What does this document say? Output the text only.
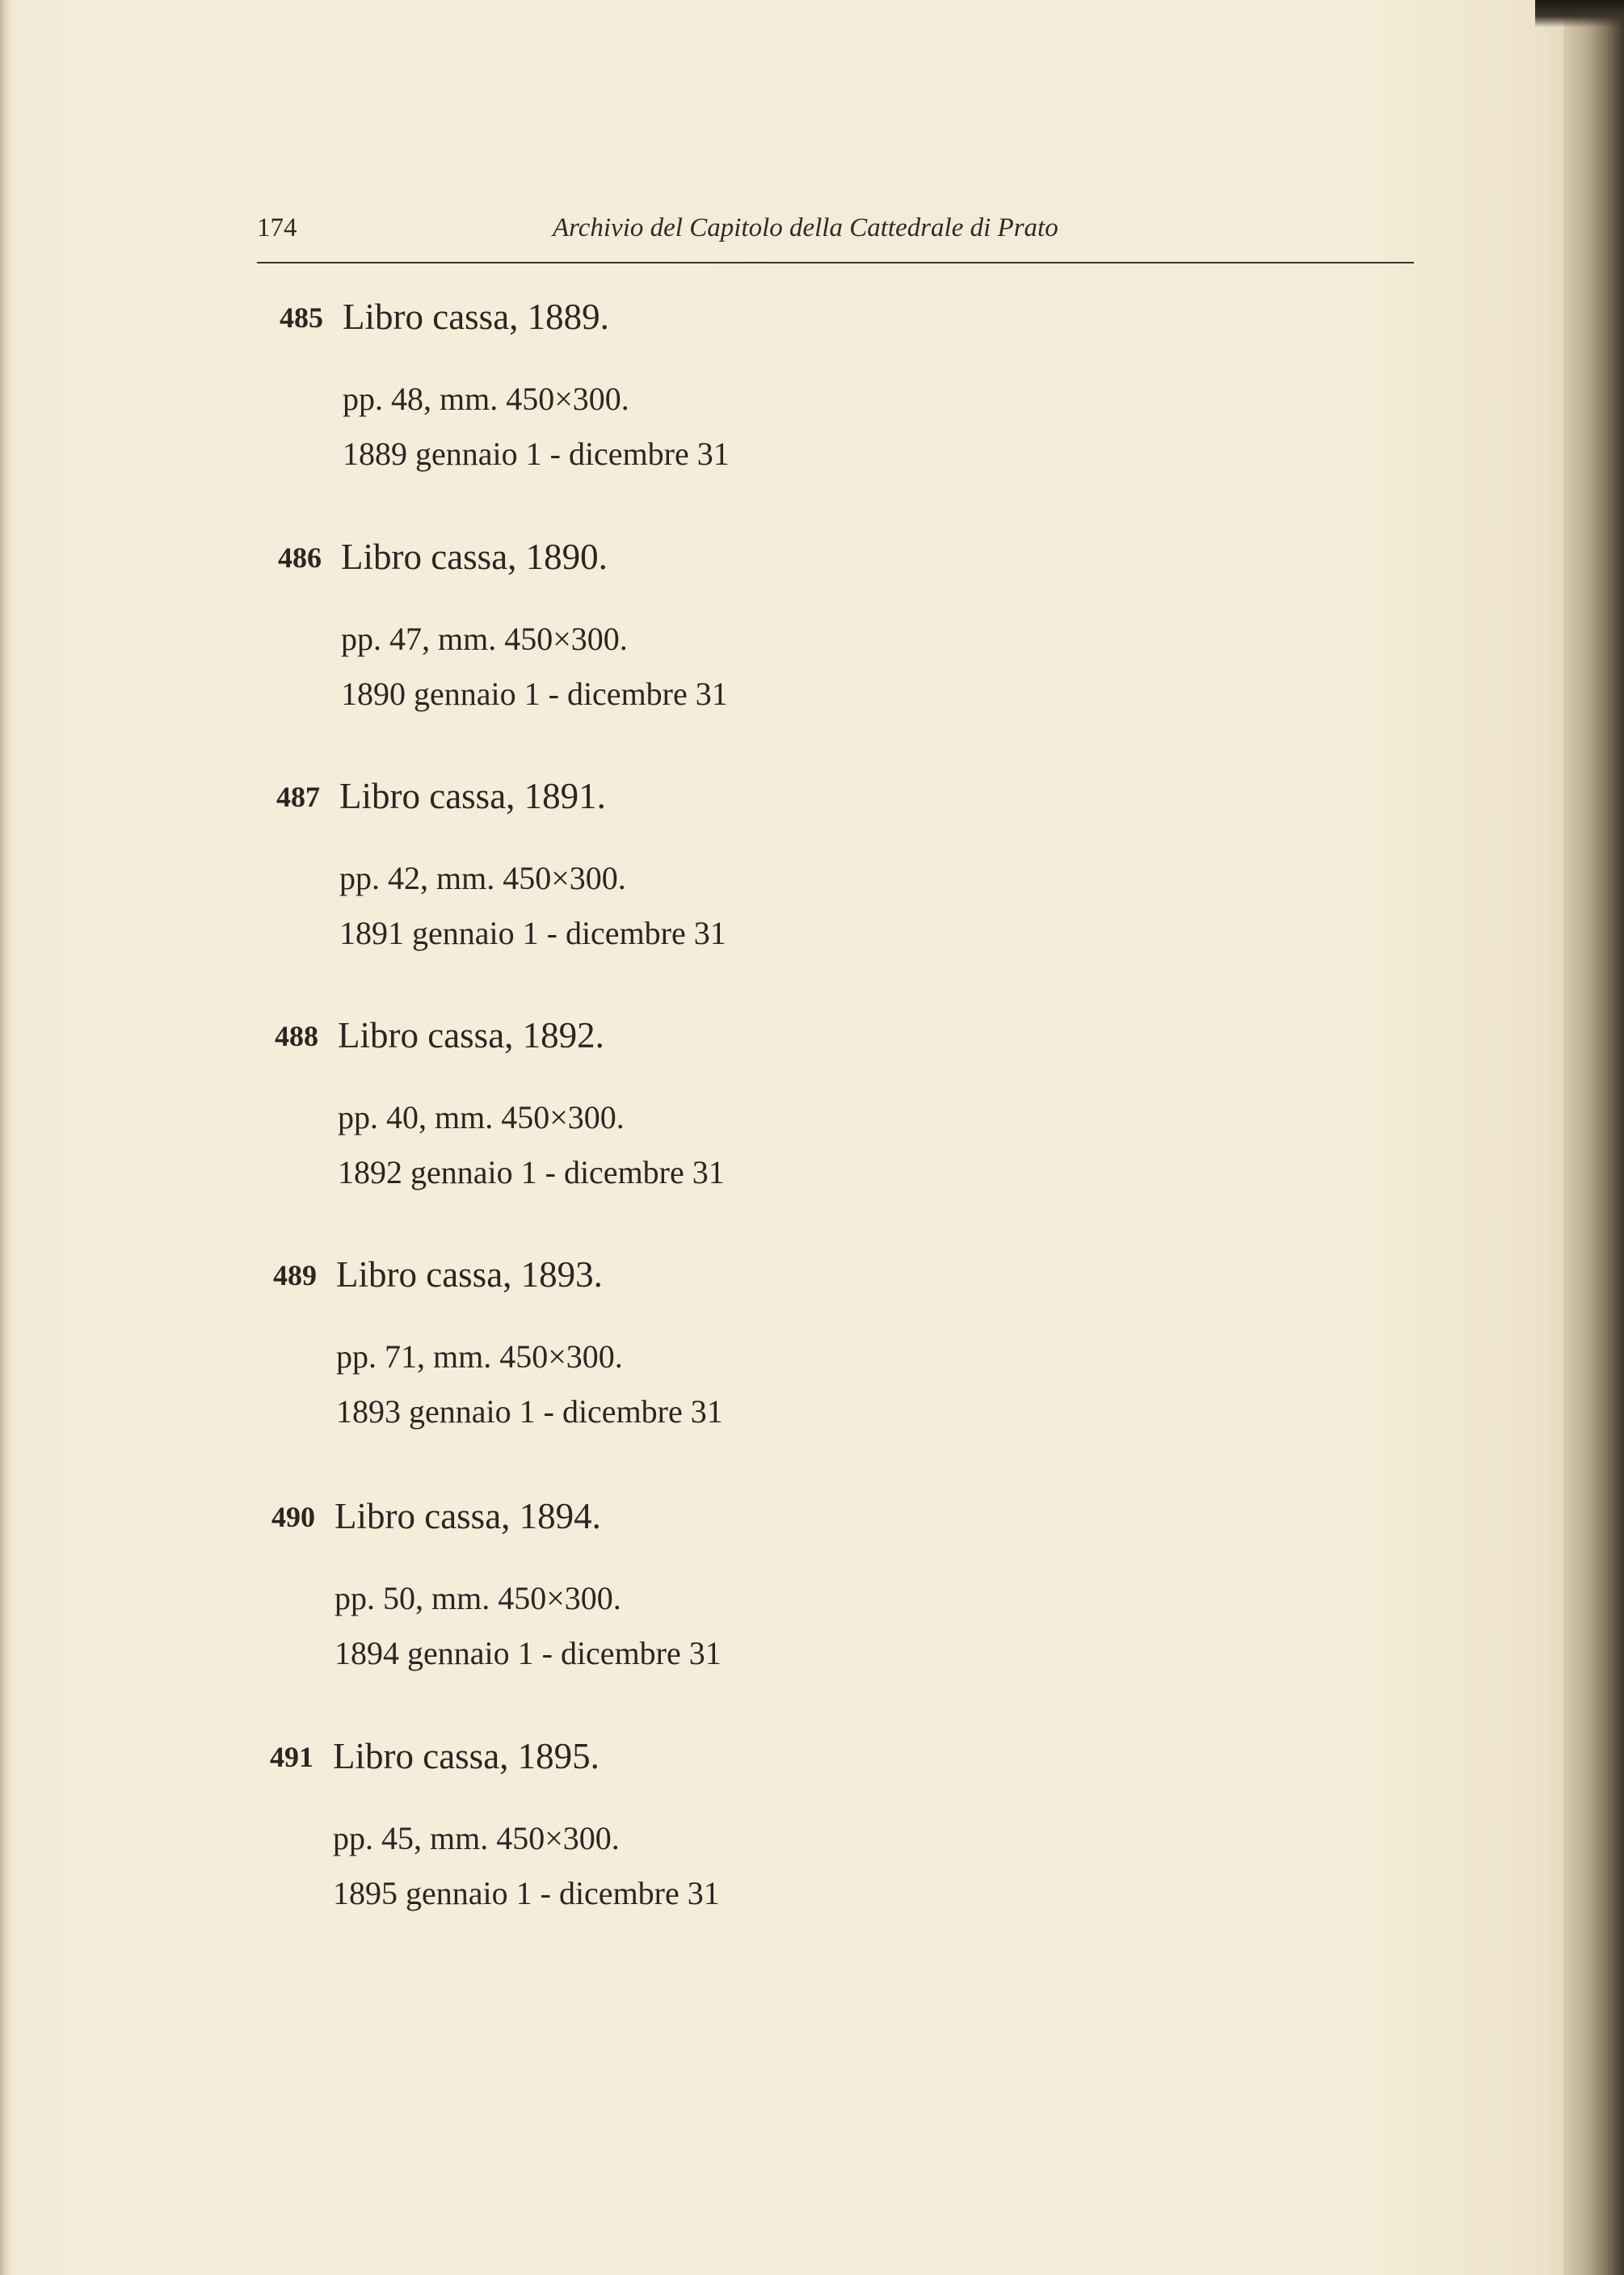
174	Archivio del Capitolo della Cattedrale di Prato
485 Libro cassa, 1889.
pp. 48, mm. 450×300.
1889 gennaio 1 - dicembre 31
486 Libro cassa, 1890.
pp. 47, mm. 450×300.
1890 gennaio 1 - dicembre 31
487 Libro cassa, 1891.
pp. 42, mm. 450×300.
1891 gennaio 1 - dicembre 31
488 Libro cassa, 1892.
pp. 40, mm. 450×300.
1892 gennaio 1 - dicembre 31
489 Libro cassa, 1893.
pp. 71, mm. 450×300.
1893 gennaio 1 - dicembre 31
490 Libro cassa, 1894.
pp. 50, mm. 450×300.
1894 gennaio 1 - dicembre 31
491 Libro cassa, 1895.
pp. 45, mm. 450×300.
1895 gennaio 1 - dicembre 31
